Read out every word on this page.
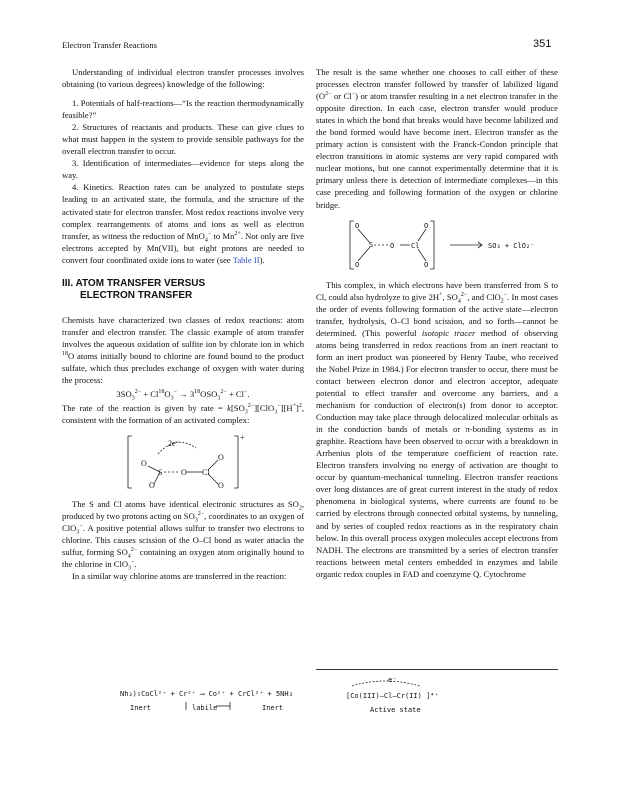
Electron Transfer Reactions	351

Understanding of individual electron transfer processes involves obtaining (to various degrees) knowledge of the following:

1. Potentials of half-reactions—“Is the reaction thermodynamically feasible?”

2. Structures of reactants and products. These can give clues to what must happen in the system to provide sensible pathways for the overall electron transfer to occur.

3. Identification of intermediates—evidence for steps along the way.

4. Kinetics. Reaction rates can be analyzed to postulate steps leading to an activated state, the formula, and the structure of the activated state for electron transfer. Most redox reactions involve very complex rearrangements of atoms and ions as well as electron transfer, as witness the reduction of MnO$_4$− to $Mn^{2+}$. Not only are five electrons accepted by Mn(VII), but eight protons are needed to convert four coordinated oxide ions to water (see Table II).

III. ATOM TRANSFER VERSUS
ELECTRON TRANSFER

Chemists have characterized two classes of redox reactions: atom transfer and electron transfer. The classic example of atom transfer involves the aqueous oxidation of sulfite ion by chlorate ion in which $^{18}$O atoms initially bound to chlorine are found bound to the product sulfate, which thus precludes exchange of oxygen with water during the process:

$3SO_3^{2-} + Cl^{18}O_3^- \to 3^{18}OSO_3^{2-} + Cl^-$.

The rate of the reaction is given by rate = $k[SO_3^{2-}][ClO_3^-][H^+]^2$, consistent with the formation of an activated complex:

2e⁻
O
S O Cl
O
O
O
+

The S and Cl atoms have identical electronic structures as $SO_2$, produced by two protons acting on $SO_3^{2-}$, coordinates to an oxygen of ClO$_3$−. A positive potential allows sulfur to transfer two electrons to chlorine. This causes scission of the O–Cl bond as water attacks the sulfur, forming $SO_4^{2-}$ containing an oxygen atom originally bound to the chlorine in ClO$_3$−.

In a similar way chlorine atoms are transferred in the reaction:

The result is the same whether one chooses to call either of these processes electron transfer followed by transfer of labilized ligand ($O^{2-}$ or Cl−) or atom transfer resulting in a net electron transfer in the opposite direction. In each case, electron transfer would produce states in which the bond that breaks would have become labilized and the bond formed would have become inert. Electron transfer as the primary action is consistent with the Franck-Condon principle that electron transitions in atomic systems are very rapid compared with nuclear motions, but one cannot experimentally determine that it is primary unless there is detection of intermediate complexes—in this case preceding and following formation of the oxygen or chlorine bridge.

O
S O Cl
O
O	O
SO₃ + ClO₂⁻

This complex, in which electrons have been transferred from S to Cl, could also hydrolyze to give 2H+, $SO_4^{2-}$, and ClO$_2$−. In most cases the order of events following formation of the active state—electron transfer, hydrolysis, O–Cl bond scission, and so forth—cannot be determined. (This powerful isotopic tracer method of observing atoms being transferred in redox reactions from an inert reactant to form an inert product was pioneered by Henry Taube, who received the Nobel Prize in 1984.) For electron transfer to occur, there must be contact between electron donor and electron acceptor, adequate potential to effect transfer and overcome any barriers, and a mechanism for conduction of electron(s) from donor to acceptor. Conduction may take place through delocalized molecular orbitals as in the conduction bands of metals or π-bonding systems as in graphite. Reactions have been observed to occur with a breakdown in Arrhenius plots of the temperature coefficient of reaction rate. Electron transfers involving no energy of activation are thought to occur by quantum-mechanical tunneling. Electron transfer reactions over long distances are of great current interest in the study of redox phenomena in biological systems, where currents are found to be carried by electrons through connected orbital systems, by tunneling, and by series of coupled redox reactions as in the respiratory chain below. In this overall process oxygen molecules accept electrons from NADH. The electrons are transmitted by a series of electron transfer reactions between metal centers embedded in enzymes and labile organic redox couples in FAD and coenzyme Q. Cytochrome

Nh₃)₅CoCl²⁺ + Cr²⁺ ⟶ Co²⁺ + CrCl²⁺ + 5NH₃
Inert	labile	Inert
[Co(III)—Cl—Cr(II) ]⁴⁺
Active state
e⁻
